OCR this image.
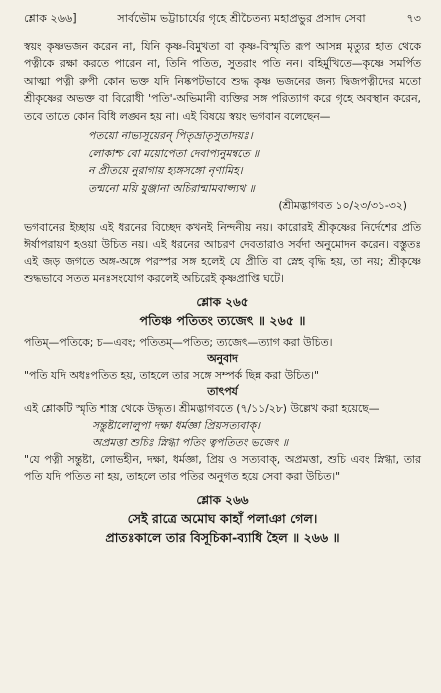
শ্লোক ২৬৬]	সার্বভৌম ভট্টাচার্যের গৃহে শ্রীচৈতন্য মহাপ্রভুর প্রসাদ সেবা	৭৩

স্বয়ং কৃষ্ণভজন করেন না, যিনি কৃষ্ণ-বিমুখতা বা কৃষ্ণ-বিস্মৃতি রূপ আসন্ন মৃত্যুর হাত থেকে পত্নীকে রক্ষা করতে পারেন না, তিনি পতিত, সুতরাং পতি নন। বহির্মুখিতে—কৃষ্ণে সমর্পিত আত্মা পত্নী রুপী কোন ভক্ত যদি নিষ্কপটভাবে শুদ্ধ কৃষ্ণ ভজনের জন্য দ্বিজপত্নীদের মতো শ্রীকৃষ্ণের অভক্ত বা বিরোধী 'পতি'-অভিমানী ব্যক্তির সঙ্গ পরিত্যাগ করে গৃহে অবস্থান করেন, তবে তাতে কোন বিধি লঙ্ঘন হয় না। এই বিষয়ে স্বয়ং ভগবান বলেছেন—

পতয়ো নাভ্যসূয়েরন্ পিতৃভ্রাতৃসুতাদয়ঃ।
লোকাশ্চ বো ময়োপেতা দেবাপ্যনুমন্বতে ॥
ন প্রীতয়ে নুরাগায় হ্যঙ্গসঙ্গো নৃণামিহ।
তন্মনো ময়ি যুঞ্জানা অচিরান্মামবাপ্স্যথ ॥
(শ্রীমদ্ভাগবত ১০/২৩/৩১-৩২)

ভগবানের ইচ্ছায় এই ধরনের বিচ্ছেদ কখনই নিন্দনীয় নয়। কারোরই শ্রীকৃষ্ণের নির্দেশের প্রতি ঈর্ষাপরায়ণ হওয়া উচিত নয়। এই ধরনের আচরণ দেবতারাও সর্বদা অনুমোদন করেন। বস্তুতঃ এই জড় জগতে অঙ্গ-অঙ্গে পরস্পর সঙ্গ হলেই যে প্রীতি বা স্নেহ বৃদ্ধি হয়, তা নয়; শ্রীকৃষ্ণে শুদ্ধভাবে সতত মনঃসংযোগ করলেই অচিরেই কৃষ্ণপ্রাপ্তি ঘটে।

শ্লোক ২৬৫
পতিঞ্চ পতিতং ত্যজেৎ ॥ ২৬৫ ॥

পতিম্—পতিকে; চ—এবং; পতিতম্—পতিত; ত্যজেৎ—ত্যাগ করা উচিত।

অনুবাদ

"পতি যদি অধঃপতিত হয়, তাহলে তার সঙ্গে সম্পর্ক ছিন্ন করা উচিত।"

তাৎপর্য

এই শ্লোকটি স্মৃতি শাস্ত্র থেকে উদ্ধৃত। শ্রীমদ্ভাগবতে (৭/১১/২৮) উল্লেখ করা হয়েছে—

সন্তুষ্টালোলুপা দক্ষা ধর্মজ্ঞা প্রিয়সত্যবাক্।
অপ্রমত্তা শুচিঃ স্নিগ্ধা পতিং ত্বপতিতং ভজেৎ ॥

"যে পত্নী সন্তুষ্টা, লোভহীন, দক্ষা, ধর্মজ্ঞা, প্রিয় ও সত্যবাক্, অপ্রমত্তা, শুচি এবং স্নিগ্ধা, তার পতি যদি পতিত না হয়, তাহলে তার পতির অনুগত হয়ে সেবা করা উচিত।"

শ্লোক ২৬৬
সেই রাত্রে অমোঘ কাহাঁ পলাঞা গেল।
প্রাতঃকালে তার বিসূচিকা-ব্যাধি হৈল ॥ ২৬৬ ॥
